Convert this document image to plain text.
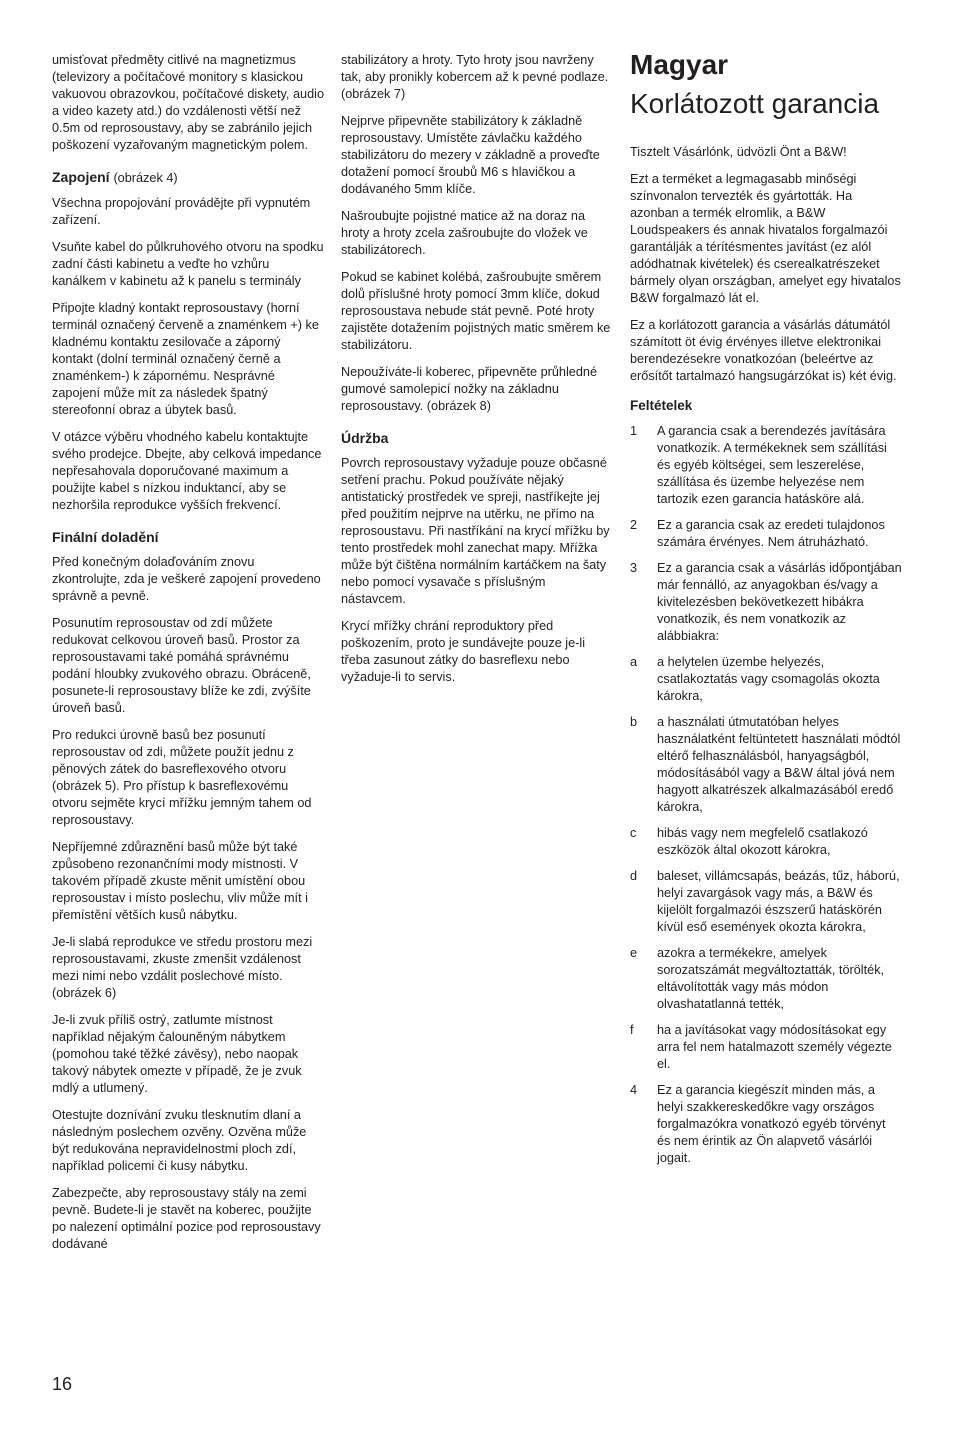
umisťovat předměty citlivé na magnetizmus (televizory a počítačové monitory s klasickou vakuovou obrazovkou, počítačové diskety, audio a video kazety atd.) do vzdálenosti větší než 0.5m od reprosoustavy, aby se zabránilo jejich poškození vyzařovaným magnetickým polem.

Zapojení (obrázek 4)

Všechna propojování provádějte při vypnutém zařízení.

Vsuňte kabel do půlkruhového otvoru na spodku zadní části kabinetu a veďte ho vzhůru kanálkem v kabinetu až k panelu s terminály

Připojte kladný kontakt reprosoustavy (horní terminál označený červeně a znaménkem +) ke kladnému kontaktu zesilovače a záporný kontakt (dolní terminál označený černě a znaménkem-) k zápornému. Nesprávné zapojení může mít za následek špatný stereofonní obraz a úbytek basů.

V otázce výběru vhodného kabelu kontaktujte svého prodejce. Dbejte, aby celková impedance nepřesahovala doporučované maximum a použijte kabel s nízkou induktancí, aby se nezhoršila reprodukce vyšších frekvencí.

Finální doladění

Před konečným dolaďováním znovu zkontrolujte, zda je veškeré zapojení provedeno správně a pevně.

Posunutím reprosoustav od zdí můžete redukovat celkovou úroveň basů. Prostor za reprosoustavami také pomáhá správnému podání hloubky zvukového obrazu. Obráceně, posunete-li reprosoustavy blíže ke zdi, zvýšíte úroveň basů.

Pro redukci úrovně basů bez posunutí reprosoustav od zdi, můžete použít jednu z pěnových zátek do basreflexového otvoru (obrázek 5). Pro přístup k basreflexovému otvoru sejměte krycí mřížku jemným tahem od reprosoustavy.

Nepříjemné zdůraznění basů může být také způsobeno rezonančními mody místnosti. V takovém případě zkuste měnit umístění obou reprosoustav i místo poslechu, vliv může mít i přemístění větších kusů nábytku.

Je-li slabá reprodukce ve středu prostoru mezi reprosoustavami, zkuste zmenšit vzdálenost mezi nimi nebo vzdálit poslechové místo. (obrázek 6)

Je-li zvuk příliš ostrý, zatlumte místnost například nějakým čalouněným nábytkem (pomohou také těžké závěsy), nebo naopak takový nábytek omezte v případě, že je zvuk mdlý a utlumený.

Otestujte doznívání zvuku tlesknutím dlaní a následným poslechem ozvěny. Ozvěna může být redukována nepravidelnostmi ploch zdí, například policemi či kusy nábytku.

Zabezpečte, aby reprosoustavy stály na zemi pevně. Budete-li je stavět na koberec, použijte po nalezení optimální pozice pod reprosoustavy dodávané

stabilizátory a hroty. Tyto hroty jsou navrženy tak, aby pronikly kobercem až k pevné podlaze. (obrázek 7)

Nejprve připevněte stabilizátory k základně reprosoustavy. Umístěte závlačku každého stabilizátoru do mezery v základně a proveďte dotažení pomocí šroubů M6 s hlavičkou a dodávaného 5mm klíče.

Našroubujte pojistné matice až na doraz na hroty a hroty zcela zašroubujte do vložek ve stabilizátorech.

Pokud se kabinet kolébá, zašroubujte směrem dolů příslušné hroty pomocí 3mm klíče, dokud reprosoustava nebude stát pevně. Poté hroty zajistěte dotažením pojistných matic směrem ke stabilizátoru.

Nepoužíváte-li koberec, připevněte průhledné gumové samolepicí nožky na základnu reprosoustavy. (obrázek 8)

Údržba

Povrch reprosoustavy vyžaduje pouze občasné setření prachu. Pokud používáte nějaký antistatický prostředek ve spreji, nastříkejte jej před použitím nejprve na utěrku, ne přímo na reprosoustavu. Při nastříkání na krycí mřížku by tento prostředek mohl zanechat mapy. Mřížka může být čištěna normálním kartáčkem na šaty nebo pomocí vysavače s příslušným nástavcem.

Krycí mřížky chrání reproduktory před poškozením, proto je sundávejte pouze je-li třeba zasunout zátky do basreflexu nebo vyžaduje-li to servis.

Magyar
Korlátozott garancia

Tisztelt Vásárlónk, üdvözli Önt a B&W!

Ezt a terméket a legmagasabb minőségi színvonalon tervezték és gyártották. Ha azonban a termék elromlik, a B&W Loudspeakers és annak hivatalos forgalmazói garantálják a térítésmentes javítást (ez alól adódhatnak kivételek) és cserealkatrészeket bármely olyan országban, amelyet egy hivatalos B&W forgalmazó lát el.

Ez a korlátozott garancia a vásárlás dátumától számított öt évig érvényes illetve elektronikai berendezésekre vonatkozóan (beleértve az erősítőt tartalmazó hangsugárzókat is) két évig.

Feltételek
1	A garancia csak a berendezés javítására vonatkozik. A termékeknek sem szállítási és egyéb költségei, sem leszerelése, szállítása és üzembe helyezése nem tartozik ezen garancia hatásköre alá.
2	Ez a garancia csak az eredeti tulajdonos számára érvényes. Nem átruházható.
3	Ez a garancia csak a vásárlás időpontjában már fennálló, az anyagokban és/vagy a kivitelezésben bekövetkezett hibákra vonatkozik, és nem vonatkozik az alábbiakra:
a	a helytelen üzembe helyezés, csatlakoztatás vagy csomagolás okozta károkra,
b	a használati útmutatóban helyes használatként feltüntetett használati módtól eltérő felhasználásból, hanyagságból, módosításából vagy a B&W által jóvá nem hagyott alkatrészek alkalmazásából eredő károkra,
c	hibás vagy nem megfelelő csatlakozó eszközök által okozott károkra,
d	baleset, villámcsapás, beázás, tűz, háború, helyi zavargások vagy más, a B&W és kijelölt forgalmazói észszerű hatáskörén kívül eső események okozta károkra,
e	azokra a termékekre, amelyek sorozatszámát megváltoztatták, törölték, eltávolították vagy más módon olvashatatlanná tették,
f	ha a javításokat vagy módosításokat egy arra fel nem hatalmazott személy végezte el.
4	Ez a garancia kiegészít minden más, a helyi szakkereskedőkre vagy országos forgalmazókra vonatkozó egyéb törvényt és nem érintik az Ön alapvető vásárlói jogait.
16
